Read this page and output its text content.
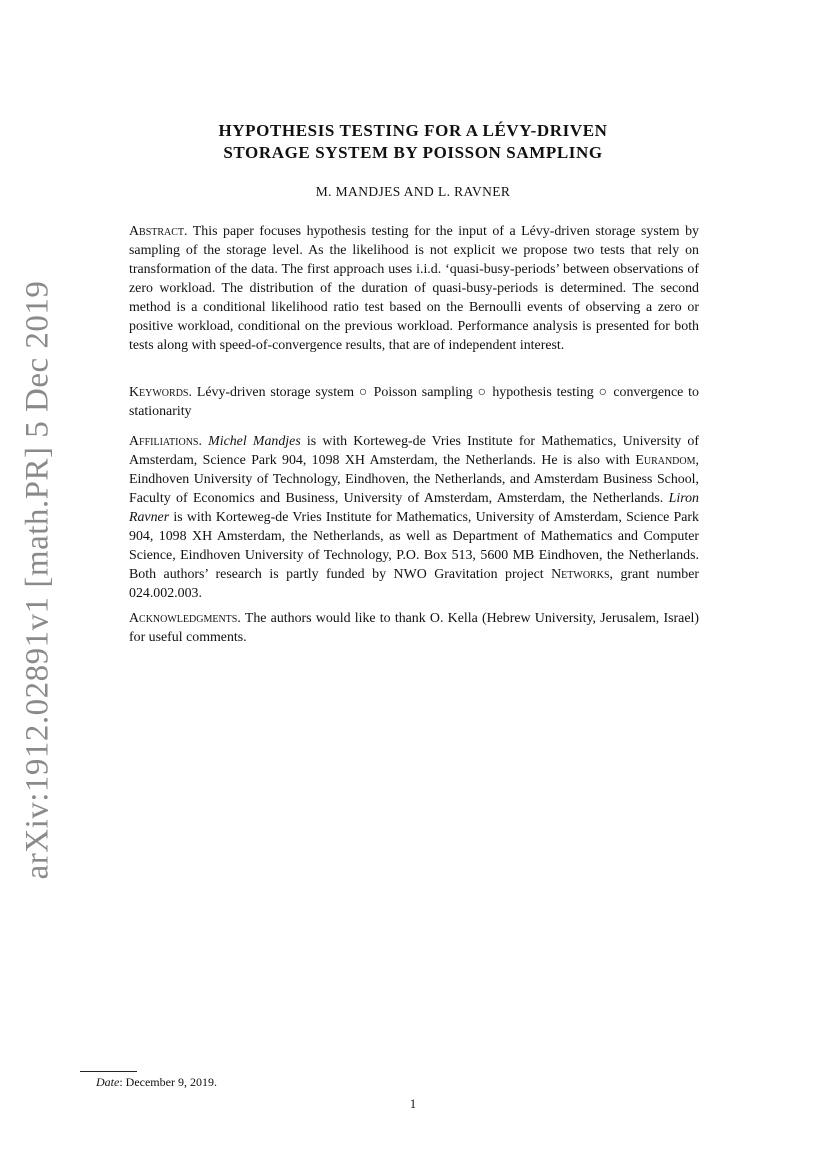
arXiv:1912.02891v1 [math.PR] 5 Dec 2019
HYPOTHESIS TESTING FOR A LÉVY-DRIVEN
STORAGE SYSTEM BY POISSON SAMPLING
M. MANDJES AND L. RAVNER
Abstract. This paper focuses hypothesis testing for the input of a Lévy-driven storage system by sampling of the storage level. As the likelihood is not explicit we propose two tests that rely on transformation of the data. The first approach uses i.i.d. ‘quasi-busy-periods’ between observations of zero workload. The distribution of the duration of quasi-busy-periods is determined. The second method is a conditional likelihood ratio test based on the Bernoulli events of observing a zero or positive workload, conditional on the previous workload. Performance analysis is presented for both tests along with speed-of-convergence results, that are of independent interest.
Keywords. Lévy-driven storage system ○ Poisson sampling ○ hypothesis testing ○ convergence to stationarity
Affiliations. Michel Mandjes is with Korteweg-de Vries Institute for Mathematics, University of Amsterdam, Science Park 904, 1098 XH Amsterdam, the Netherlands. He is also with Eurandom, Eindhoven University of Technology, Eindhoven, the Netherlands, and Amsterdam Business School, Faculty of Economics and Business, University of Amsterdam, Amsterdam, the Netherlands. Liron Ravner is with Korteweg-de Vries Institute for Mathematics, University of Amsterdam, Science Park 904, 1098 XH Amsterdam, the Netherlands, as well as Department of Mathematics and Computer Science, Eindhoven University of Technology, P.O. Box 513, 5600 MB Eindhoven, the Netherlands. Both authors’ research is partly funded by NWO Gravitation project Networks, grant number 024.002.003.
Acknowledgments. The authors would like to thank O. Kella (Hebrew University, Jerusalem, Israel) for useful comments.
Date: December 9, 2019.
1
